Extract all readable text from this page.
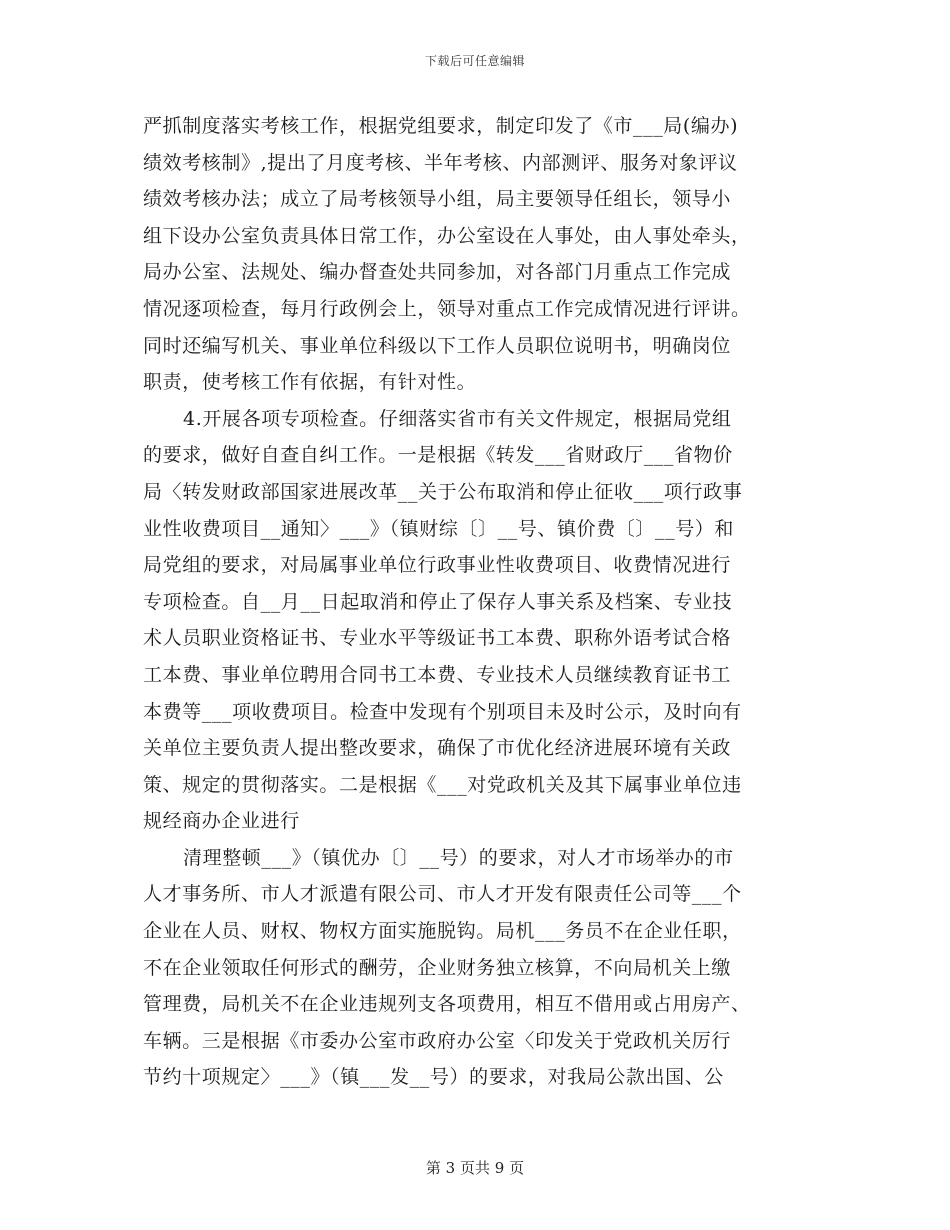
下载后可任意编辑
严抓制度落实考核工作，根据党组要求，制定印发了《市___局(编办)
绩效考核制》,提出了月度考核、半年考核、内部测评、服务对象评议
绩效考核办法；成立了局考核领导小组，局主要领导任组长，领导小
组下设办公室负责具体日常工作，办公室设在人事处，由人事处牵头，
局办公室、法规处、编办督查处共同参加，对各部门月重点工作完成
情况逐项检查，每月行政例会上，领导对重点工作完成情况进行评讲。
同时还编写机关、事业单位科级以下工作人员职位说明书，明确岗位
职责，使考核工作有依据，有针对性。
4.开展各项专项检查。仔细落实省市有关文件规定，根据局党组
的要求，做好自查自纠工作。一是根据《转发___省财政厅___省物价
局〈转发财政部国家进展改革__关于公布取消和停止征收___项行政事
业性收费项目__通知〉___》（镇财综〔〕__号、镇价费〔〕__号）和
局党组的要求，对局属事业单位行政事业性收费项目、收费情况进行
专项检查。自__月__日起取消和停止了保存人事关系及档案、专业技
术人员职业资格证书、专业水平等级证书工本费、职称外语考试合格
工本费、事业单位聘用合同书工本费、专业技术人员继续教育证书工
本费等___项收费项目。检查中发现有个别项目未及时公示，及时向有
关单位主要负责人提出整改要求，确保了市优化经济进展环境有关政
策、规定的贯彻落实。二是根据《___对党政机关及其下属事业单位违
规经商办企业进行
清理整顿___》（镇优办〔〕__号）的要求，对人才市场举办的市
人才事务所、市人才派遣有限公司、市人才开发有限责任公司等___个
企业在人员、财权、物权方面实施脱钩。局机___务员不在企业任职，
不在企业领取任何形式的酬劳，企业财务独立核算，不向局机关上缴
管理费，局机关不在企业违规列支各项费用，相互不借用或占用房产、
车辆。三是根据《市委办公室市政府办公室〈印发关于党政机关厉行
节约十项规定〉___》（镇___发__号）的要求，对我局公款出国、公
第 3 页共 9 页
